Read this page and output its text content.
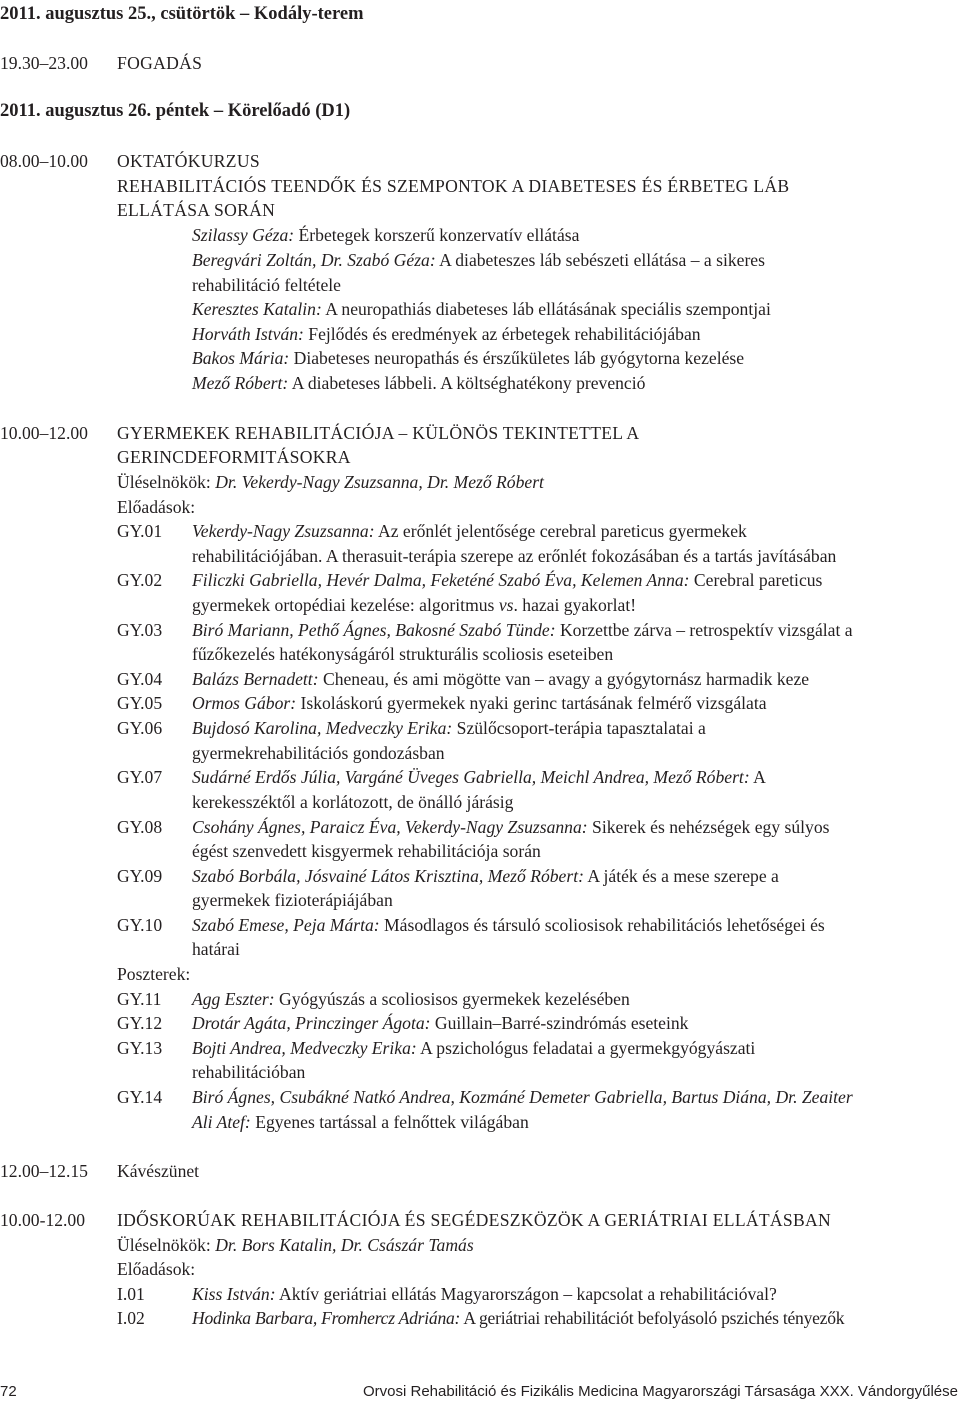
2011. augusztus 25., csütörtök – Kodály-terem
19.30–23.00 FOGADÁS
2011. augusztus 26. péntek – Körelőadó (D1)
08.00–10.00 OKTATÓKURZUS
REHABILITÁCIÓS TEENDŐK ÉS SZEMPONTOK A DIABETESES ÉS ÉRBETEG LÁB
ELLÁTÁSA SORÁN
Szilassy Géza: Érbetegek korszerű konzervatív ellátása
Beregvári Zoltán, Dr. Szabó Géza: A diabeteszes láb sebészeti ellátása – a sikeres
rehabilitáció feltétele
Keresztes Katalin: A neuropathiás diabeteses láb ellátásának speciális szempontjai
Horváth István: Fejlődés és eredmények az érbetegek rehabilitációjában
Bakos Mária: Diabeteses neuropathás és érszűkületes láb gyógytorna kezelése
Mező Róbert: A diabeteses lábbeli. A költséghatékony prevenció
10.00–12.00 GYERMEKEK REHABILITÁCIÓJA – KÜLÖNÖS TEKINTETTEL A
GERINCDEFORMITÁSOKRA
Üléselnökök: Dr. Vekerdy-Nagy Zsuzsanna, Dr. Mező Róbert
Előadások:
GY.01 Vekerdy-Nagy Zsuzsanna: Az erőnlét jelentősége cerebral pareticus gyermekek
rehabilitációjában. A therasuit-terápia szerepe az erőnlét fokozásában és a tartás javításában
GY.02 Filiczki Gabriella, Hevér Dalma, Feketéné Szabó Éva, Kelemen Anna: Cerebral pareticus
gyermekek ortopédiai kezelése: algoritmus vs. hazai gyakorlat!
GY.03 Biró Mariann, Pethő Ágnes, Bakosné Szabó Tünde: Korzettbe zárva – retrospektív vizsgálat a
fűzőkezelés hatékonyságáról strukturális scoliosis eseteiben
GY.04 Balázs Bernadett: Cheneau, és ami mögötte van – avagy a gyógytornász harmadik keze
GY.05 Ormos Gábor: Iskoláskorú gyermekek nyaki gerinc tartásának felmérő vizsgálata
GY.06 Bujdosó Karolina, Medveczky Erika: Szülőcsoport-terápia tapasztalatai a
gyermekrehabilitációs gondozásban
GY.07 Sudárné Erdős Júlia, Vargáné Üveges Gabriella, Meichl Andrea, Mező Róbert: A
kerekesszéktől a korlátozott, de önálló járásig
GY.08 Csohány Ágnes, Paraicz Éva, Vekerdy-Nagy Zsuzsanna: Sikerek és nehézségek egy súlyos
égést szenvedett kisgyermek rehabilitációja során
GY.09 Szabó Borbála, Jósvainé Látos Krisztina, Mező Róbert: A játék és a mese szerepe a
gyermekek fizioterápiájában
GY.10 Szabó Emese, Peja Márta: Másodlagos és társuló scoliosisok rehabilitációs lehetőségei és
határai
Poszterek:
GY.11 Agg Eszter: Gyógyúszás a scoliosisos gyermekek kezelésében
GY.12 Drotár Agáta, Princzinger Ágota: Guillain–Barré-szindrómás eseteink
GY.13 Bojti Andrea, Medveczky Erika: A pszichológus feladatai a gyermekgyógyászati
rehabilitációban
GY.14 Biró Ágnes, Csubákné Natkó Andrea, Kozmáné Demeter Gabriella, Bartus Diána, Dr. Zeaiter
Ali Atef: Egyenes tartással a felnőttek világában
12.00–12.15 Kávészünet
10.00-12.00 IDŐSKORÚAK REHABILITÁCIÓJA ÉS SEGÉDESZKÖZÖK A GERIÁTRIAI ELLÁTÁSBAN
Üléselnökök: Dr. Bors Katalin, Dr. Császár Tamás
Előadások:
I.01	Kiss István: Aktív geriátriai ellátás Magyarországon – kapcsolat a rehabilitációval?
I.02	Hodinka Barbara, Fromhercz Adriána: A geriátriai rehabilitációt befolyásoló pszichés tényezők
72	Orvosi Rehabilitáció és Fizikális Medicina Magyarországi Társasága XXX. Vándorgyűlése
